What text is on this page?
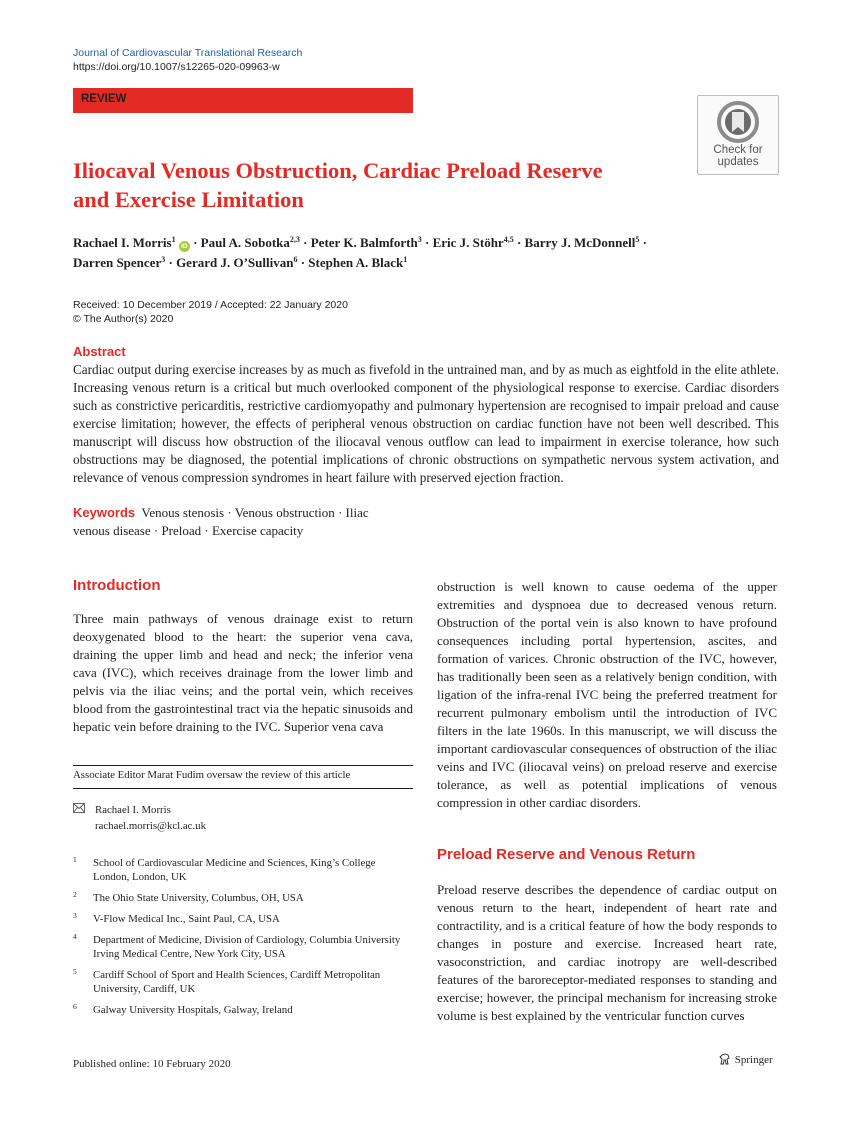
Journal of Cardiovascular Translational Research
https://doi.org/10.1007/s12265-020-09963-w
REVIEW
Check for
updates
Iliocaval Venous Obstruction, Cardiac Preload Reserve
and Exercise Limitation
Rachael I. Morris$^1$ iD · Paul A. Sobotka$^{2,3}$ · Peter K. Balmforth$^3$ · Eric J. Stöhr$^{4,5}$ · Barry J. McDonnell$^5$ ·
Darren Spencer$^3$ · Gerard J. O’Sullivan$^6$ · Stephen A. Black$^1$
Received: 10 December 2019 / Accepted: 22 January 2020
© The Author(s) 2020
Abstract
Cardiac output during exercise increases by as much as fivefold in the untrained man, and by as much as eightfold in the elite athlete. Increasing venous return is a critical but much overlooked component of the physiological response to exercise. Cardiac disorders such as constrictive pericarditis, restrictive cardiomyopathy and pulmonary hypertension are recognised to impair preload and cause exercise limitation; however, the effects of peripheral venous obstruction on cardiac function have not been well described. This manuscript will discuss how obstruction of the iliocaval venous outflow can lead to impairment in exercise tolerance, how such obstructions may be diagnosed, the potential implications of chronic obstructions on sympathetic nervous system activation, and relevance of venous compression syndromes in heart failure with preserved ejection fraction.
Keywords Venous stenosis · Venous obstruction · Iliac venous disease · Preload · Exercise capacity
Introduction

Three main pathways of venous drainage exist to return deoxygenated blood to the heart: the superior vena cava, draining the upper limb and head and neck; the inferior vena cava (IVC), which receives drainage from the lower limb and pelvis via the iliac veins; and the portal vein, which receives blood from the gastrointestinal tract via the hepatic sinusoids and hepatic vein before draining to the IVC. Superior vena cava

obstruction is well known to cause oedema of the upper extremities and dyspnoea due to decreased venous return. Obstruction of the portal vein is also known to have profound consequences including portal hypertension, ascites, and formation of varices. Chronic obstruction of the IVC, however, has traditionally been seen as a relatively benign condition, with ligation of the infra-renal IVC being the preferred treatment for recurrent pulmonary embolism until the introduction of IVC filters in the late 1960s. In this manuscript, we will discuss the important cardiovascular consequences of obstruction of the iliac veins and IVC (iliocaval veins) on preload reserve and exercise tolerance, as well as potential implications of venous compression in other cardiac disorders.

Preload Reserve and Venous Return

Preload reserve describes the dependence of cardiac output on venous return to the heart, independent of heart rate and contractility, and is a critical feature of how the body responds to changes in posture and exercise. Increased heart rate, vasoconstriction, and cardiac inotropy are well-described features of the baroreceptor-mediated responses to standing and exercise; however, the principal mechanism for increasing stroke volume is best explained by the ventricular function curves

Associate Editor Marat Fudim oversaw the review of this article
Rachael I. Morris
rachael.morris@kcl.ac.uk
1 School of Cardiovascular Medicine and Sciences, King’s College London, London, UK
2 The Ohio State University, Columbus, OH, USA
3 V-Flow Medical Inc., Saint Paul, CA, USA
4 Department of Medicine, Division of Cardiology, Columbia University Irving Medical Centre, New York City, USA
5 Cardiff School of Sport and Health Sciences, Cardiff Metropolitan University, Cardiff, UK
6 Galway University Hospitals, Galway, Ireland
Published online: 10 February 2020	Springer
